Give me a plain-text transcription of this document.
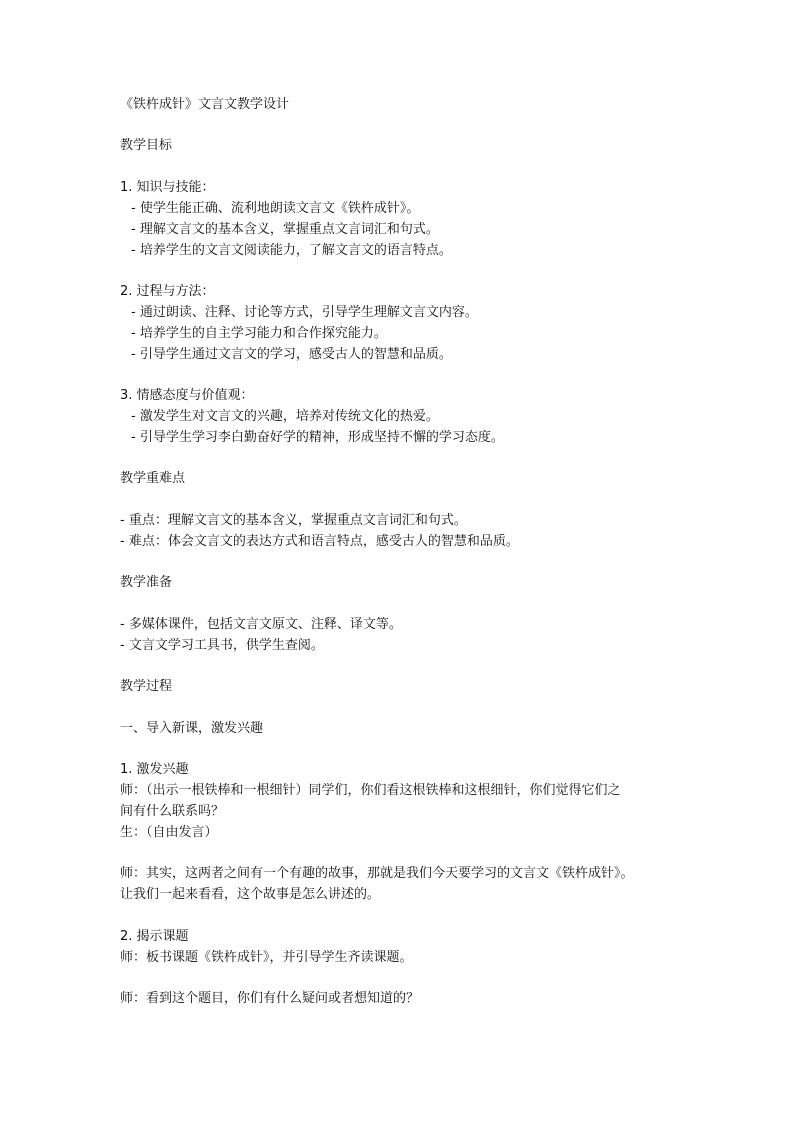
《铁杵成针》文言文教学设计
教学目标
1. 知识与技能：
- 使学生能正确、流利地朗读文言文《铁杵成针》。
- 理解文言文的基本含义，掌握重点文言词汇和句式。
- 培养学生的文言文阅读能力，了解文言文的语言特点。
2. 过程与方法：
- 通过朗读、注释、讨论等方式，引导学生理解文言文内容。
- 培养学生的自主学习能力和合作探究能力。
- 引导学生通过文言文的学习，感受古人的智慧和品质。
3. 情感态度与价值观：
- 激发学生对文言文的兴趣，培养对传统文化的热爱。
- 引导学生学习李白勤奋好学的精神，形成坚持不懈的学习态度。
教学重难点
- 重点：理解文言文的基本含义，掌握重点文言词汇和句式。
- 难点：体会文言文的表达方式和语言特点，感受古人的智慧和品质。
教学准备
- 多媒体课件，包括文言文原文、注释、译文等。
- 文言文学习工具书，供学生查阅。
教学过程
一、导入新课，激发兴趣
1. 激发兴趣
师：（出示一根铁棒和一根细针）同学们，你们看这根铁棒和这根细针，你们觉得它们之
间有什么联系吗？
生：（自由发言）
师：其实，这两者之间有一个有趣的故事，那就是我们今天要学习的文言文《铁杵成针》。
让我们一起来看看，这个故事是怎么讲述的。
2. 揭示课题
师：板书课题《铁杵成针》，并引导学生齐读课题。
师：看到这个题目，你们有什么疑问或者想知道的？
